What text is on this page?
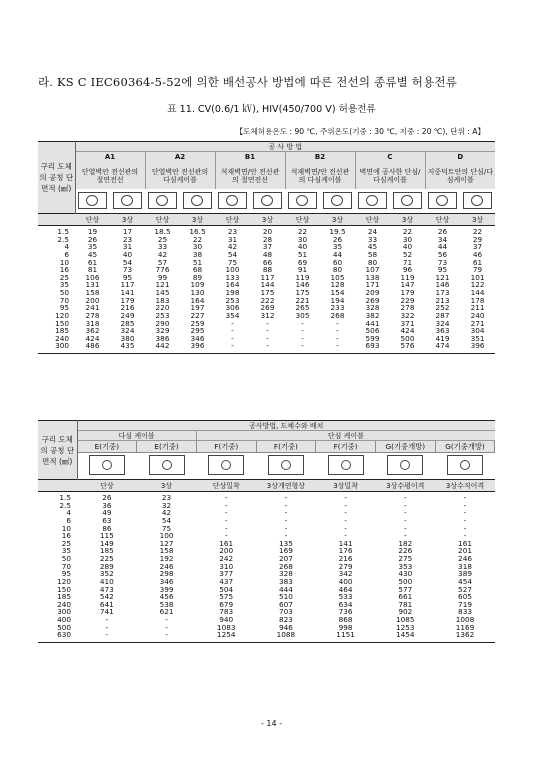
라. KS C IEC60364-5-52에 의한 배선공사 방법에 따른 전선의 종류별 허용전류
표 11. CV(0.6/1 ㎸), HIV(450/700 V) 허용전류
【도체허용온도 : 90 ℃, 주위온도(기중 : 30 ℃, 지중 : 20 ℃), 단위 : A】
구리 도체의 공칭 단면적 (㎟)	공 사 방 법											
	A1		A2		B1		B2		C		D	
	단열벽안 전선관의 절연전선		단열벽안 전선관의 다심케이블		석재벽면/안 전선관의 절연전선		석재벽면/안 전선관의 다심케이블		벽면에 공사한 단심/다심케이블		지중덕트안의 단심/다심케이블	

	단상	3상	단상	3상	단상	3상	단상	3상	단상	3상	단상	3상
1.5	19	17	18.5	16.5	23	20	22	19.5	24	22	26	22
2.5	26	23	25	22	31	28	30	26	33	30	34	29
4	35	31	33	30	42	37	40	35	45	40	44	37
6	45	40	42	38	54	48	51	44	58	52	56	46
10	61	54	57	51	75	66	69	60	80	71	73	61
16	81	73	776	68	100	88	91	80	107	96	95	79
25	106	95	99	89	133	117	119	105	138	119	121	101
35	131	117	121	109	164	144	146	128	171	147	146	122
50	158	141	145	130	198	175	175	154	209	179	173	144
70	200	179	183	164	253	222	221	194	269	229	213	178
95	241	216	220	197	306	269	265	233	328	278	252	211
120	278	249	253	227	354	312	305	268	382	322	287	240
150	318	285	290	259	-	-	-	-	441	371	324	271
185	362	324	329	295	-	-	-	-	506	424	363	304
240	424	380	386	346	-	-	-	-	599	500	419	351
300	486	435	442	396	-	-	-	-	693	576	474	396
구리 도체의 공칭 단면적 (㎟)	공사방법, 도체수와 배치						
	다심 케이블		단심 케이블				
	E(기중)	E(기중)	F(기중)	F(기중)	F(기중)	G(기중개방)	G(기중개방)

	단상	3상	단상밀착	3상개연형상	3상밀착	3상수평이격	3상수직이격
1.5	26	23	-	-	-	-	-
2.5	36	32	-	-	-	-	-
4	49	42	-	-	-	-	-
6	63	54	-	-	-	-	-
10	86	75	-	-	-	-	-
16	115	100	-	-	-	-	-
25	149	127	161	135	141	182	161
35	185	158	200	169	176	226	201
50	225	192	242	207	216	275	246
70	289	246	310	268	279	353	318
95	352	298	377	328	342	430	389
120	410	346	437	383	400	500	454
150	473	399	504	444	464	577	527
185	542	456	575	510	533	661	605
240	641	538	679	607	634	781	719
300	741	621	783	703	736	902	833
400	-	-	940	823	868	1085	1008
500	-	-	1083	946	998	1253	1169
630	-	-	1254	1088	1151	1454	1362
- 14 -
